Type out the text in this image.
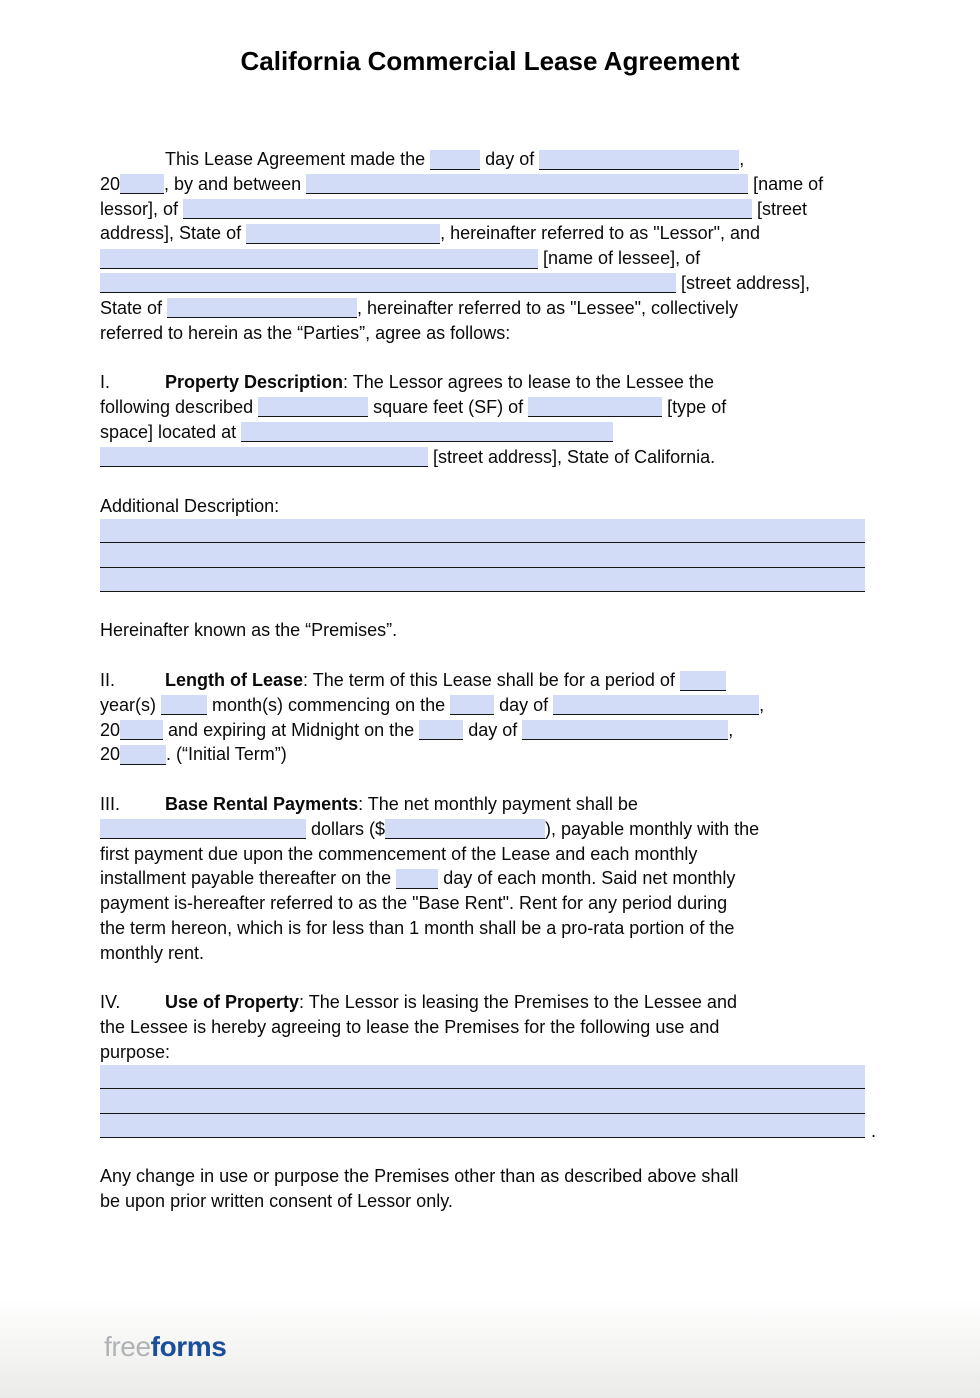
California Commercial Lease Agreement
This Lease Agreement made the	day of	,
20 , by and between	[name of
lessor], of	[street
address], State of	, hereinafter referred to as "Lessor", and
[name of lessee], of
[street address],
State of	, hereinafter referred to as "Lessee", collectively
referred to herein as the “Parties”, agree as follows:
I.	Property Description: The Lessor agrees to lease to the Lessee the
following described	square feet (SF) of	[type of
space] located at
[street address], State of California.
Additional Description:
Hereinafter known as the “Premises”.
II.	Length of Lease: The term of this Lease shall be for a period of
year(s)	month(s) commencing on the  day of	,
20 and expiring at Midnight on the  day of	,
20	. (“Initial Term”)
III. Base Rental Payments: The net monthly payment shall be
dollars ($	), payable monthly with the
first payment due upon the commencement of the Lease and each monthly
installment payable thereafter on the  day of each month. Said net monthly
payment is-hereafter referred to as the "Base Rent". Rent for any period during
the term hereon, which is for less than 1 month shall be a pro-rata portion of the
monthly rent.
IV. Use of Property: The Lessor is leasing the Premises to the Lessee and
the Lessee is hereby agreeing to lease the Premises for the following use and
purpose:
.
Any change in use or purpose the Premises other than as described above shall
be upon prior written consent of Lessor only.
freeforms
